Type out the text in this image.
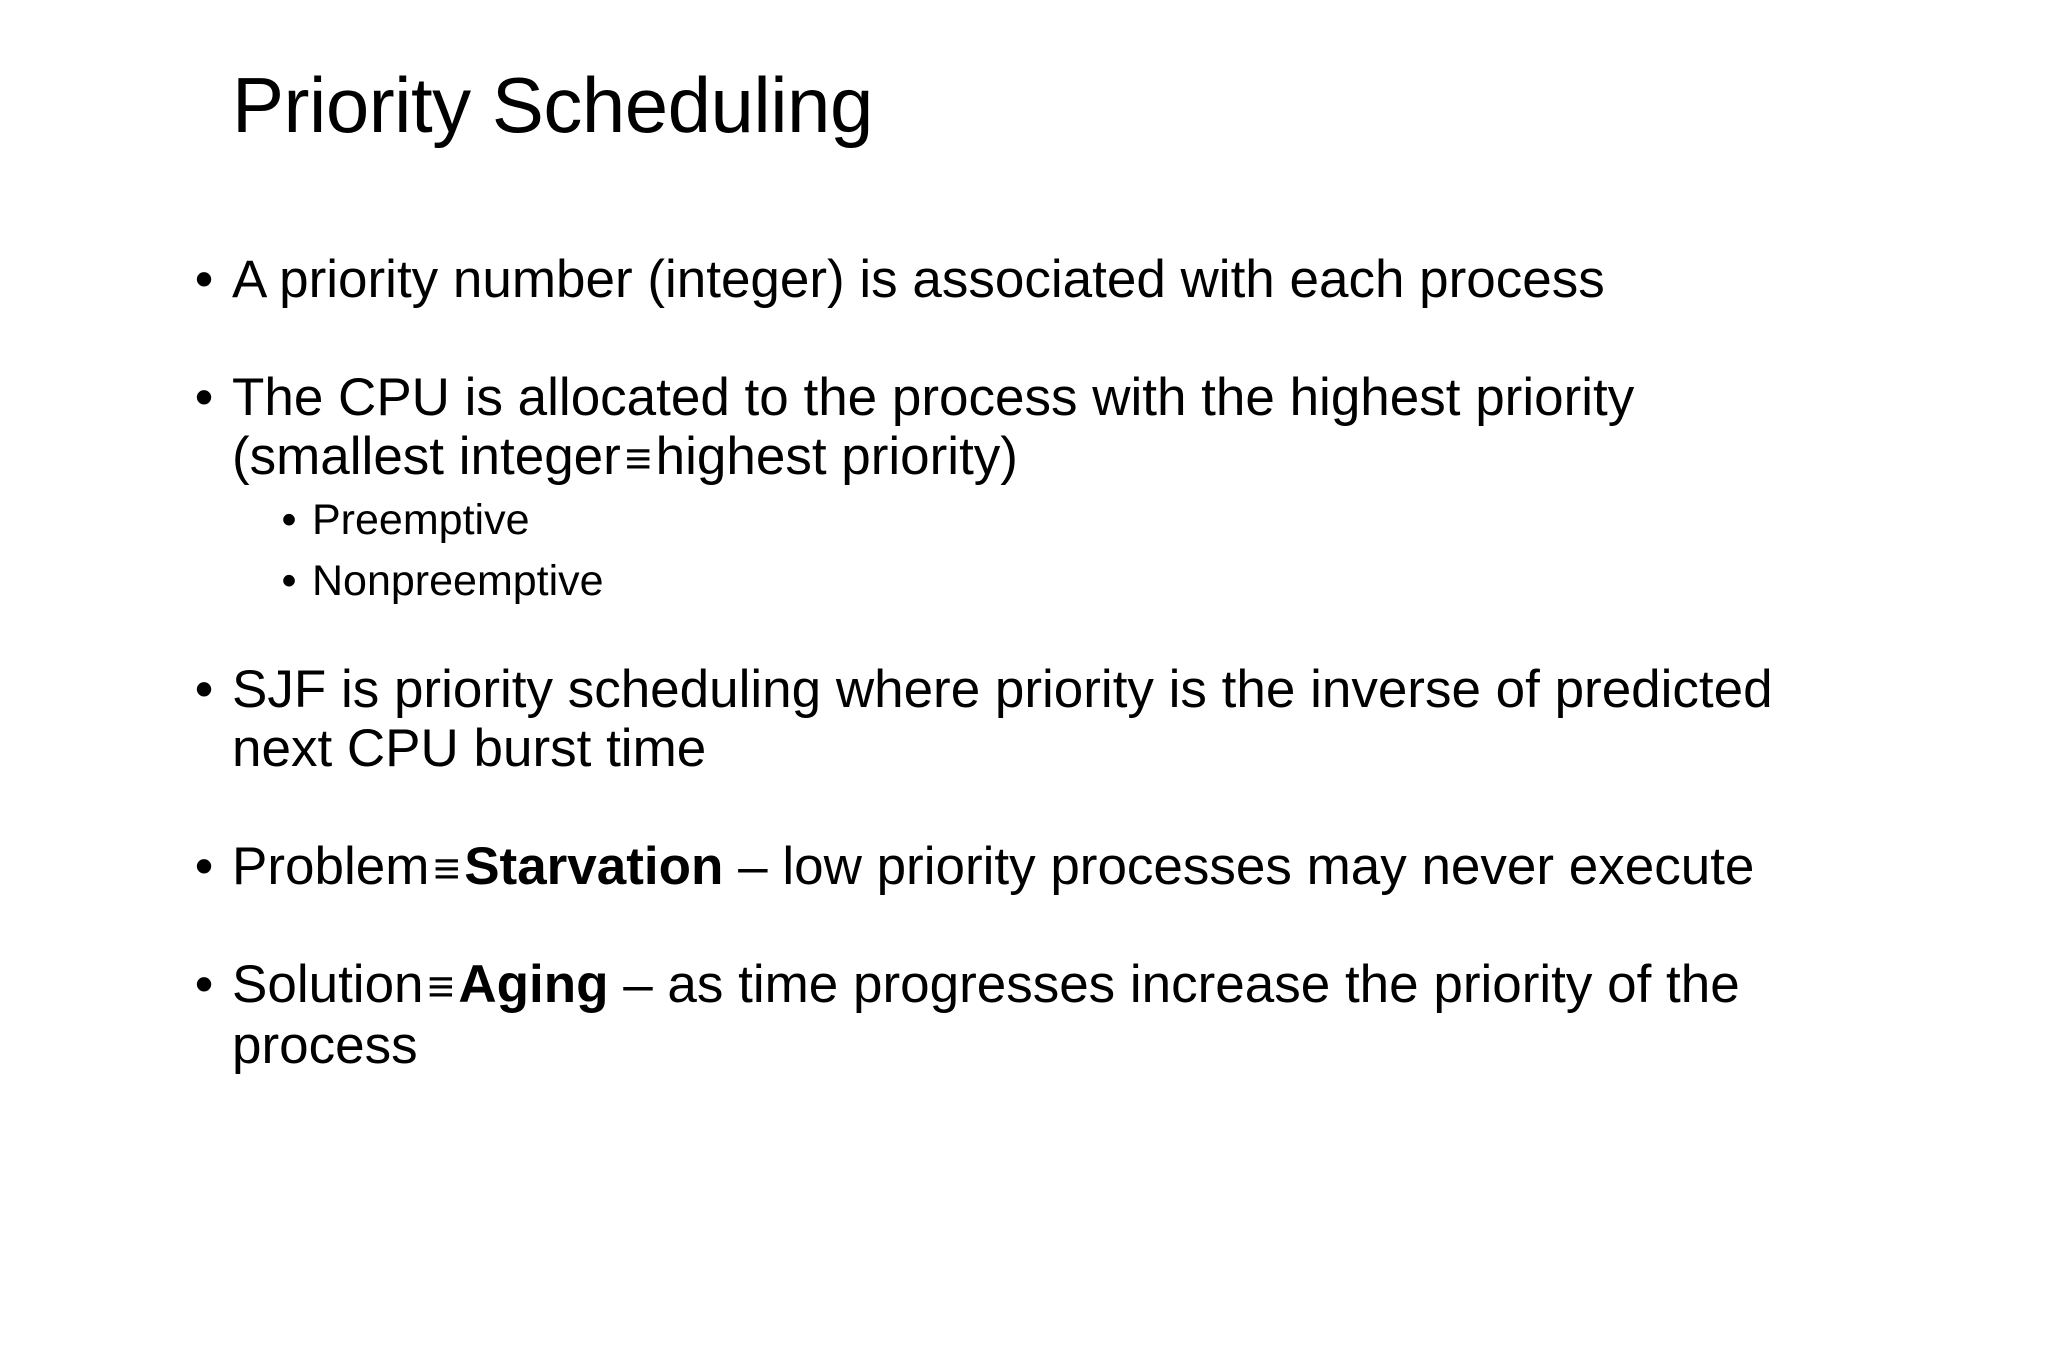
Priority Scheduling
• A priority number (integer) is associated with each process
• The CPU is allocated to the process with the highest priority
(smallest integer≡highest priority)
• Preemptive
• Nonpreemptive
• SJF is priority scheduling where priority is the inverse of predicted
next CPU burst time
• Problem≡Starvation – low priority processes may never execute
• Solution≡Aging – as time progresses increase the priority of the
process
